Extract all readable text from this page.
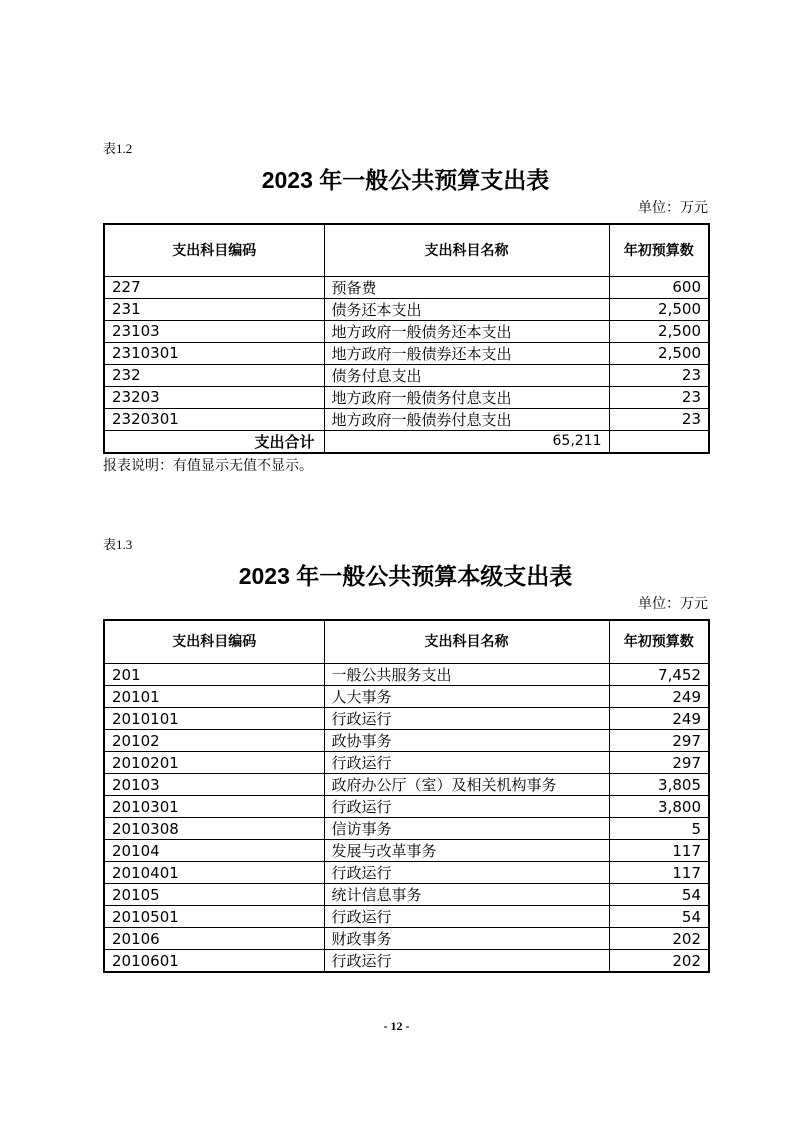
表1.2
2023 年一般公共预算支出表
单位：万元
支出科目编码	支出科目名称	年初预算数
227	预备费	600
231	债务还本支出	2,500
23103	地方政府一般债务还本支出	2,500
2310301	地方政府一般债券还本支出	2,500
232	债务付息支出	23
23203	地方政府一般债务付息支出	23
2320301	地方政府一般债券付息支出	23
支出合计	65,211	
报表说明：有值显示无值不显示。
表1.3
2023 年一般公共预算本级支出表
单位：万元
支出科目编码	支出科目名称	年初预算数
201	一般公共服务支出	7,452
20101	人大事务	249
2010101	行政运行	249
20102	政协事务	297
2010201	行政运行	297
20103	政府办公厅（室）及相关机构事务	3,805
2010301	行政运行	3,800
2010308	信访事务	5
20104	发展与改革事务	117
2010401	行政运行	117
20105	统计信息事务	54
2010501	行政运行	54
20106	财政事务	202
2010601	行政运行	202
- 12 -
